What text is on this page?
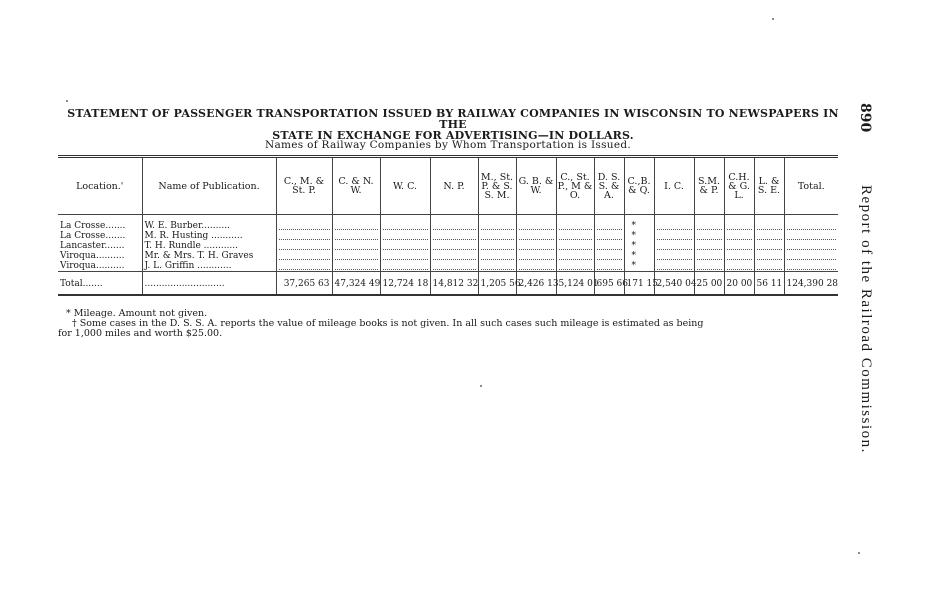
STATEMENT OF PASSENGER TRANSPORTATION ISSUED BY RAILWAY COMPANIES IN WISCONSIN TO NEWSPAPERS IN THE
STATE IN EXCHANGE FOR ADVERTISING—IN DOLLARS.
Names of Railway Companies by Whom Transportation is Issued.
Location.'	Name of Publication.	C., M. & St. P.	C. & N. W.	W. C.	N. P.	M., St. P. & S. S. M.	G. B. & W.	C., St. P., M & O.	D. S. S. & A.	C.,B. & Q.	I. C.	S.M. & P.	C.H. & G. L.	L. & S. E.	Total.
La Crosse.......	W. E. Burber..........									*					
La Crosse.......	M. R. Husting ...........									*					
Lancaster.......	T. H. Rundle ............									*					
Viroqua..........	Mr. & Mrs. T. H. Graves									*					
Viroqua..........	J. L. Griffin ............									*					
Total.......	............................	37,265 63	47,324 49	12,724 18	14,812 32	1,205 56	2,426 13	5,124 01	695 66	171 15	2,540 04	25 00	20 00	56 11	124,390 28
* Mileage. Amount not given.
† Some cases in the D. S. S. A. reports the value of mileage books is not given. In all such cases such mileage is estimated as being
for 1,000 miles and worth $25.00.
890
Report of the Railroad Commission.
